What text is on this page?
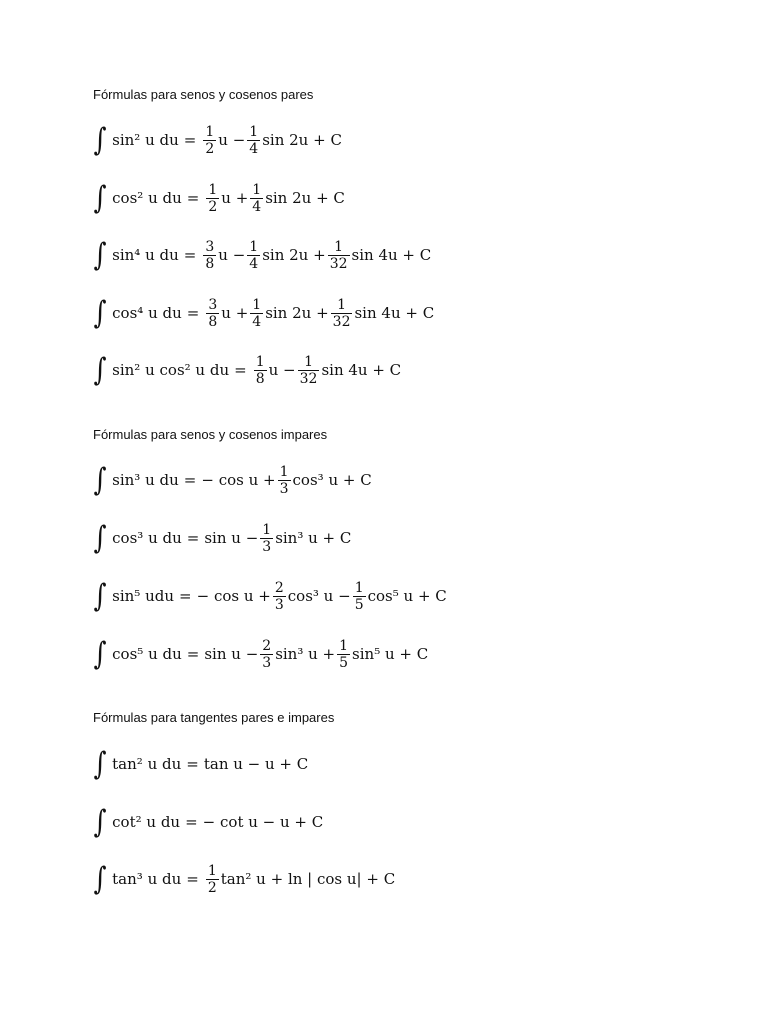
Fórmulas para senos y cosenos pares
∫ sin² u du = $\frac{1}{2}$ $u - \frac{1}{4}$ sin 2u + C
∫ cos² u du = $\frac{1}{2}$ $u + \frac{1}{4}$ sin 2u + C
∫ sin⁴ u du = $\frac{3}{8}$ $u - \frac{1}{4}$ $\sin 2u + \frac{1}{32}$ sin 4u + C
∫ cos⁴ u du = $\frac{3}{8}$ $u + \frac{1}{4}$ $\sin 2u + \frac{1}{32}$ sin 4u + C
∫ sin² u cos² u du = $\frac{1}{8}$ $u - \frac{1}{32}$ sin 4u + C
Fórmulas para senos y cosenos impares
∫ sin³ u du = − $\cos u + \frac{1}{3} \cos^3$ u + C
∫ cos³ u du = $\sin u - \frac{1}{3} \sin^3$ u + C
∫ sin⁵ udu = − $\cos u + \frac{2}{3} \cos^3$ $u - \frac{1}{5} \cos^5$ u + C
∫ cos⁵ u du = $\sin u - \frac{2}{3} \sin^3$ $u + \frac{1}{5} \sin^5$ u + C
Fórmulas para tangentes pares e impares
∫ tan² u du = tan u − u + C
∫ cot² u du = − cot u − u + C
∫ tan³ u du = $\frac{1}{2} \tan^2$ u + ln | cos u| + C
